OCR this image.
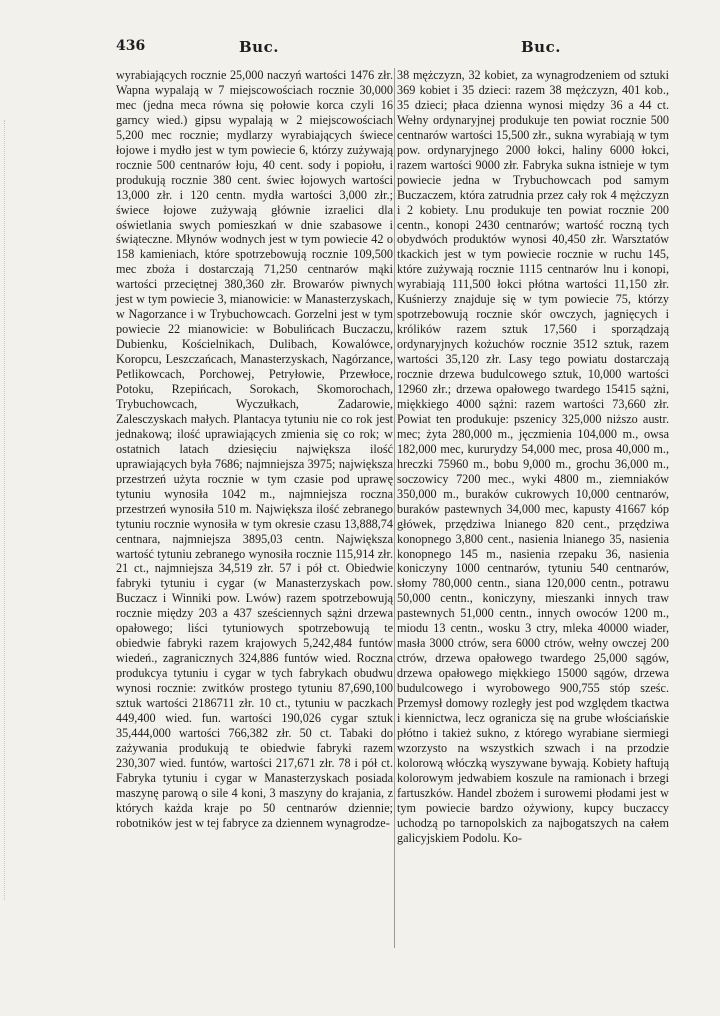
436	Buc.	Buc.

wyrabiających rocznie 25,000 naczyń wartości 1476 złr. Wapna wypalają w 7 miejscowościach rocznie 30,000 mec (jedna meca równa się połowie korca czyli 16 garncy wied.) gipsu wypalają w 2 miejscowościach 5,200 mec rocznie; mydlarzy wyrabiających świece łojowe i mydło jest w tym powiecie 6, którzy zużywają rocznie 500 centnarów łoju, 40 cent. sody i popiołu, i produkują rocznie 380 cent. świec łojowych wartości 13,000 złr. i 120 centn. mydła wartości 3,000 złr.; świece łojowe zużywają głównie izraelici dla oświetlania swych pomieszkań w dnie szabasowe i świąteczne. Młynów wodnych jest w tym powiecie 42 o 158 kamieniach, które spotrzebowują rocznie 109,500 mec zboża i dostarczają 71,250 centnarów mąki wartości przeciętnej 380,360 złr. Browarów piwnych jest w tym powiecie 3, mianowicie: w Manasterzyskach, w Nagorzance i w Trybuchowcach. Gorzelni jest w tym powiecie 22 mianowicie: w Bobulińcach Buczaczu, Dubienku, Kościelnikach, Dulibach, Kowalówce, Koropcu, Leszczańcach, Manasterzyskach, Nagórzance, Petlikowcach, Porchowej, Petryłowie, Przewłoce, Potoku, Rzepińcach, Sorokach, Skomorochach, Trybuchowcach, Wyczułkach, Zadarowie, Zalesczyskach małych. Plantacya tytuniu nie co rok jest jednakową; ilość uprawiających zmienia się co rok; w ostatnich latach dziesięciu największa ilość uprawiających była 7686; najmniejsza 3975; największa przestrzeń użyta rocznie w tym czasie pod uprawę tytuniu wynosiła 1042 m., najmniejsza roczna przestrzeń wynosiła 510 m. Największa ilość zebranego tytuniu rocznie wynosiła w tym okresie czasu 13,888,74 centnara, najmniejsza 3895,03 centn. Największa wartość tytuniu zebranego wynosiła rocznie 115,914 złr. 21 ct., najmniejsza 34,519 złr. 57 i pół ct. Obiedwie fabryki tytuniu i cygar (w Manasterzyskach pow. Buczacz i Winniki pow. Lwów) razem spotrzebowują rocznie między 203 a 437 sześciennych sążni drzewa opałowego; liści tytuniowych spotrzebowują te obiedwie fabryki razem krajowych 5,242,484 funtów wiedeń., zagranicznych 324,886 funtów wied. Roczna produkcya tytuniu i cygar w tych fabrykach obudwu wynosi rocznie: zwitków prostego tytuniu 87,690,100 sztuk wartości 2186711 złr. 10 ct., tytuniu w paczkach 449,400 wied. fun. wartości 190,026 cygar sztuk 35,444,000 wartości 766,382 złr. 50 ct. Tabaki do zażywania produkują te obiedwie fabryki razem 230,307 wied. funtów, wartości 217,671 złr. 78 i pół ct. Fabryka tytuniu i cygar w Manasterzyskach posiada maszynę parową o sile 4 koni, 3 maszyny do krajania, z których każda kraje po 50 centnarów dziennie; robotników jest w tej fabryce za dziennem wynagrodze-

38 mężczyzn, 32 kobiet, za wynagrodzeniem od sztuki 369 kobiet i 35 dzieci: razem 38 mężczyzn, 401 kob., 35 dzieci; płaca dzienna wynosi między 36 a 44 ct. Wełny ordynaryjnej produkuje ten powiat rocznie 500 centnarów wartości 15,500 złr., sukna wyrabiają w tym pow. ordynaryjnego 2000 łokci, haliny 6000 łokci, razem wartości 9000 złr. Fabryka sukna istnieje w tym powiecie jedna w Trybuchowcach pod samym Buczaczem, która zatrudnia przez cały rok 4 mężczyzn i 2 kobiety. Lnu produkuje ten powiat rocznie 200 centn., konopi 2430 centnarów; wartość roczną tych obydwóch produktów wynosi 40,450 złr. Warsztatów tkackich jest w tym powiecie rocznie w ruchu 145, które zużywają rocznie 1115 centnarów lnu i konopi, wyrabiają 111,500 łokci płótna wartości 11,150 złr. Kuśnierzy znajduje się w tym powiecie 75, którzy spotrzebowują rocznie skór owczych, jagnięcych i królików razem sztuk 17,560 i sporządzają ordynaryjnych kożuchów rocznie 3512 sztuk, razem wartości 35,120 złr. Lasy tego powiatu dostarczają rocznie drzewa budulcowego sztuk, 10,000 wartości 12960 złr.; drzewa opałowego twardego 15415 sążni, miękkiego 4000 sążni: razem wartości 73,660 złr. Powiat ten produkuje: pszenicy 325,000 niższo austr. mec; żyta 280,000 m., jęczmienia 104,000 m., owsa 182,000 mec, kururydzy 54,000 mec, prosa 40,000 m., hreczki 75960 m., bobu 9,000 m., grochu 36,000 m., soczowicy 7200 mec., wyki 4800 m., ziemniaków 350,000 m., buraków cukrowych 10,000 centnarów, buraków pastewnych 34,000 mec, kapusty 41667 kóp główek, przędziwa lnianego 820 cent., przędziwa konopnego 3,800 cent., nasienia lnianego 35, nasienia konopnego 145 m., nasienia rzepaku 36, nasienia koniczyny 1000 centnarów, tytuniu 540 centnarów, słomy 780,000 centn., siana 120,000 centn., potrawu 50,000 centn., koniczyny, mieszanki innych traw pastewnych 51,000 centn., innych owoców 1200 m., miodu 13 centn., wosku 3 ctry, mleka 40000 wiader, masła 3000 ctrów, sera 6000 ctrów, wełny owczej 200 ctrów, drzewa opałowego twardego 25,000 sągów, drzewa opałowego miękkiego 15000 sągów, drzewa budulcowego i wyrobowego 900,755 stóp sześc. Przemysł domowy rozległy jest pod względem tkactwa i kiennictwa, lecz ogranicza się na grube włościańskie płótno i takież sukno, z którego wyrabiane siermiegi wzorzysto na wszystkich szwach i na przodzie kolorową włóczką wyszywane bywają. Kobiety haftują kolorowym jedwabiem koszule na ramionach i brzegi fartuszków. Handel zbożem i surowemi płodami jest w tym powiecie bardzo ożywiony, kupcy buczaccy uchodzą po tarnopolskich za najbogatszych na całem galicyjskiem Podolu. Ko-
